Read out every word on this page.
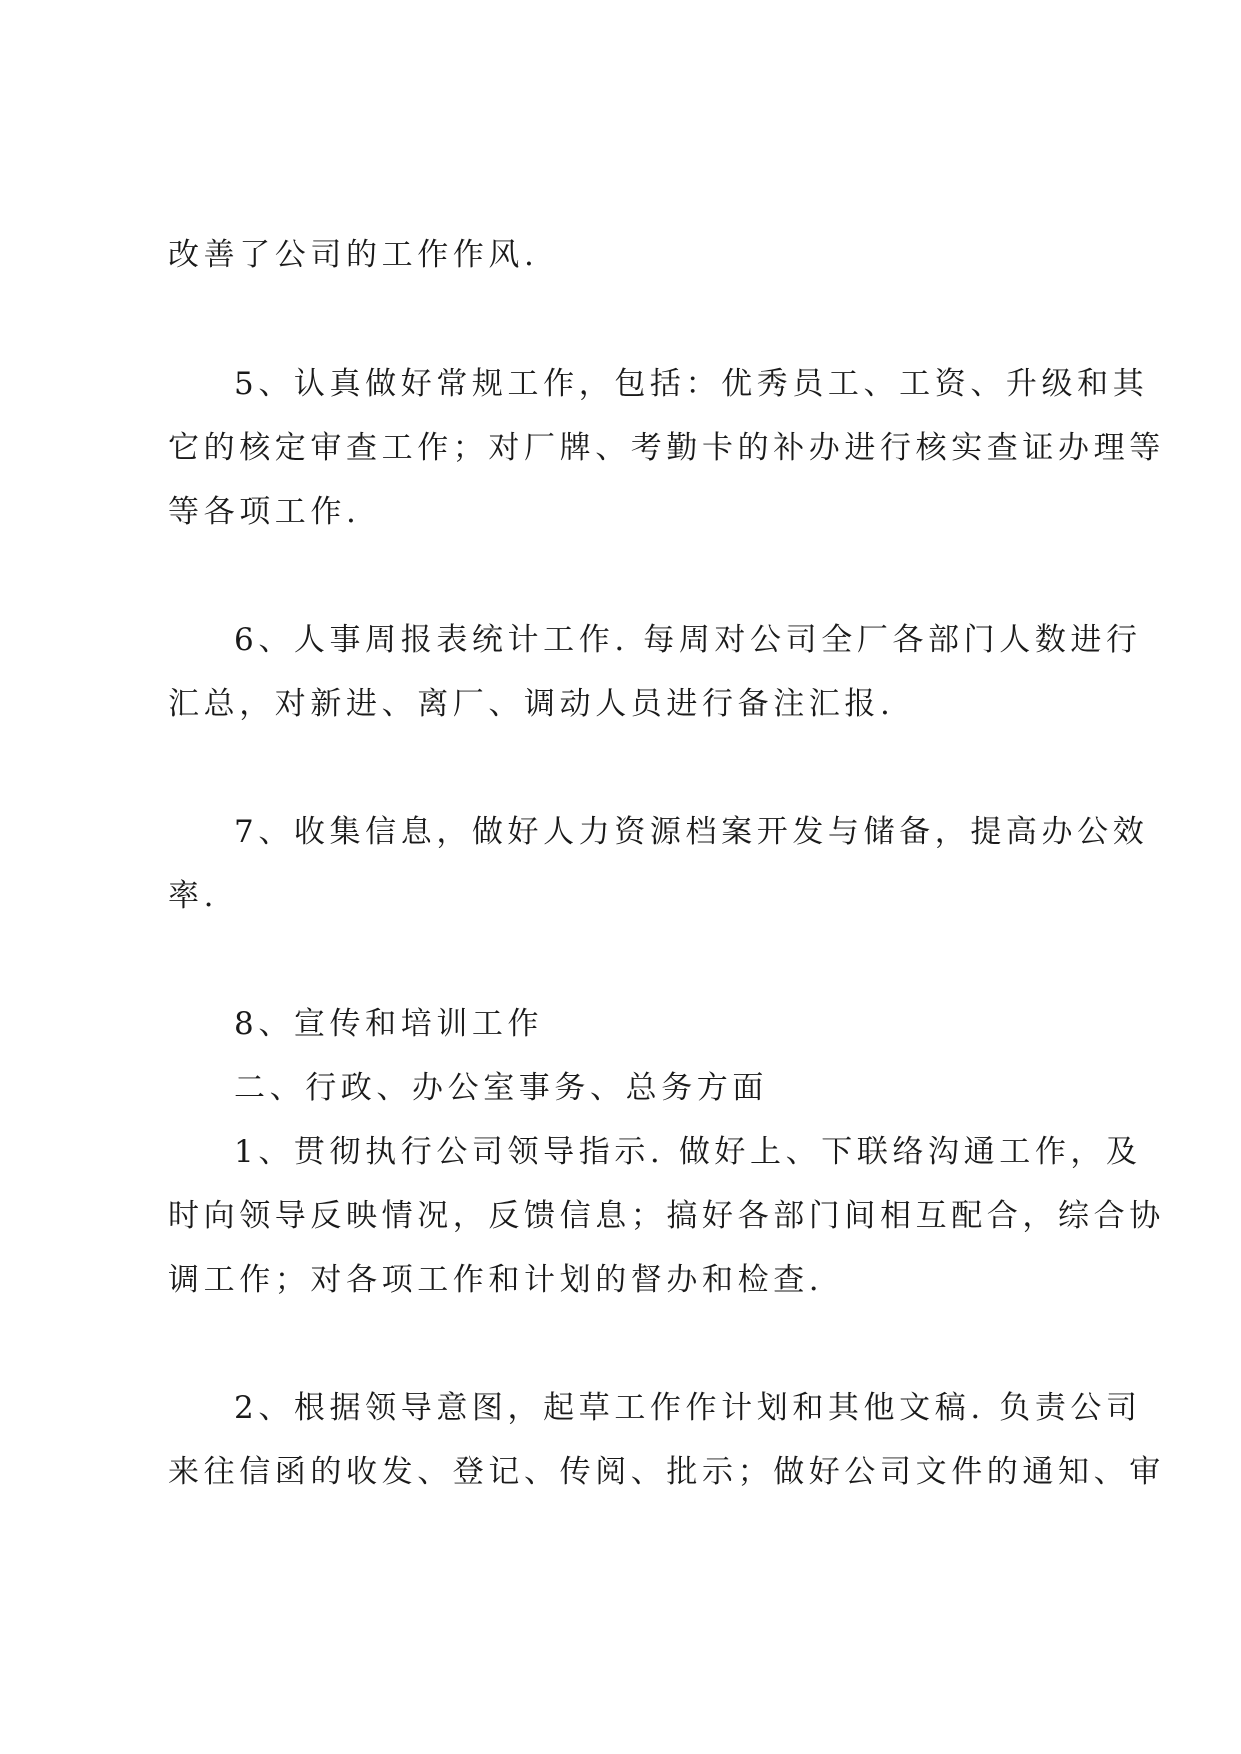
改善了公司的工作作风.

5、认真做好常规工作，包括：优秀员工、工资、升级和其

它的核定审查工作；对厂牌、考勤卡的补办进行核实查证办理等

等各项工作.

6、人事周报表统计工作. 每周对公司全厂各部门人数进行

汇总，对新进、离厂、调动人员进行备注汇报.

7、收集信息，做好人力资源档案开发与储备，提高办公效

率.

8、宣传和培训工作

二、行政、办公室事务、总务方面

1、贯彻执行公司领导指示. 做好上、下联络沟通工作，及

时向领导反映情况，反馈信息；搞好各部门间相互配合，综合协

调工作；对各项工作和计划的督办和检查.

2、根据领导意图，起草工作作计划和其他文稿. 负责公司

来往信函的收发、登记、传阅、批示；做好公司文件的通知、审
